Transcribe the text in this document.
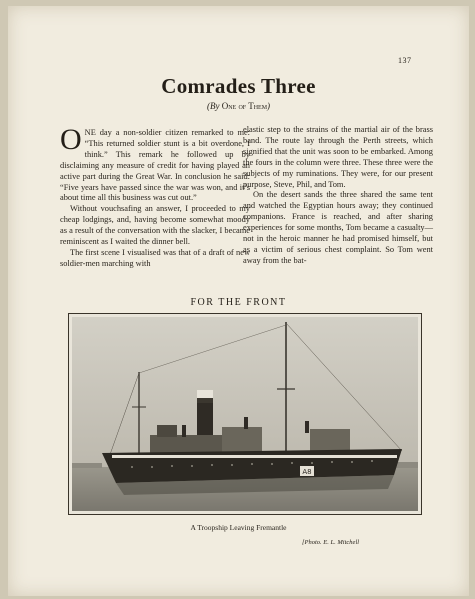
137
Comrades Three
(By One of Them)

ONE day a non-soldier citizen remarked to me: “This returned soldier stunt is a bit overdone, I think.” This remark he followed up by disclaiming any measure of credit for having played an active part during the Great War. In conclusion he said: “Five years have passed since the war was won, and it’s about time all this business was cut out.”

Without vouchsafing an answer, I proceeded to my cheap lodgings, and, having become somewhat moody as a result of the conversation with the slacker, I became reminiscent as I waited the dinner bell.

The first scene I visualised was that of a draft of new soldier-men marching with

elastic step to the strains of the martial air of the brass band. The route lay through the Perth streets, which signified that the unit was soon to be embarked. Among the fours in the column were three. These three were the subjects of my ruminations. They were, for our present purpose, Steve, Phil, and Tom.

On the desert sands the three shared the same tent and watched the Egyptian hours away; they continued companions. France is reached, and after sharing experiences for some months, Tom became a casualty—not in the heroic manner he had promised himself, but as a victim of serious chest complaint. So Tom went away from the bat-

FOR THE FRONT
A8
A Troopship Leaving Fremantle
[Photo. E. L. Mitchell
